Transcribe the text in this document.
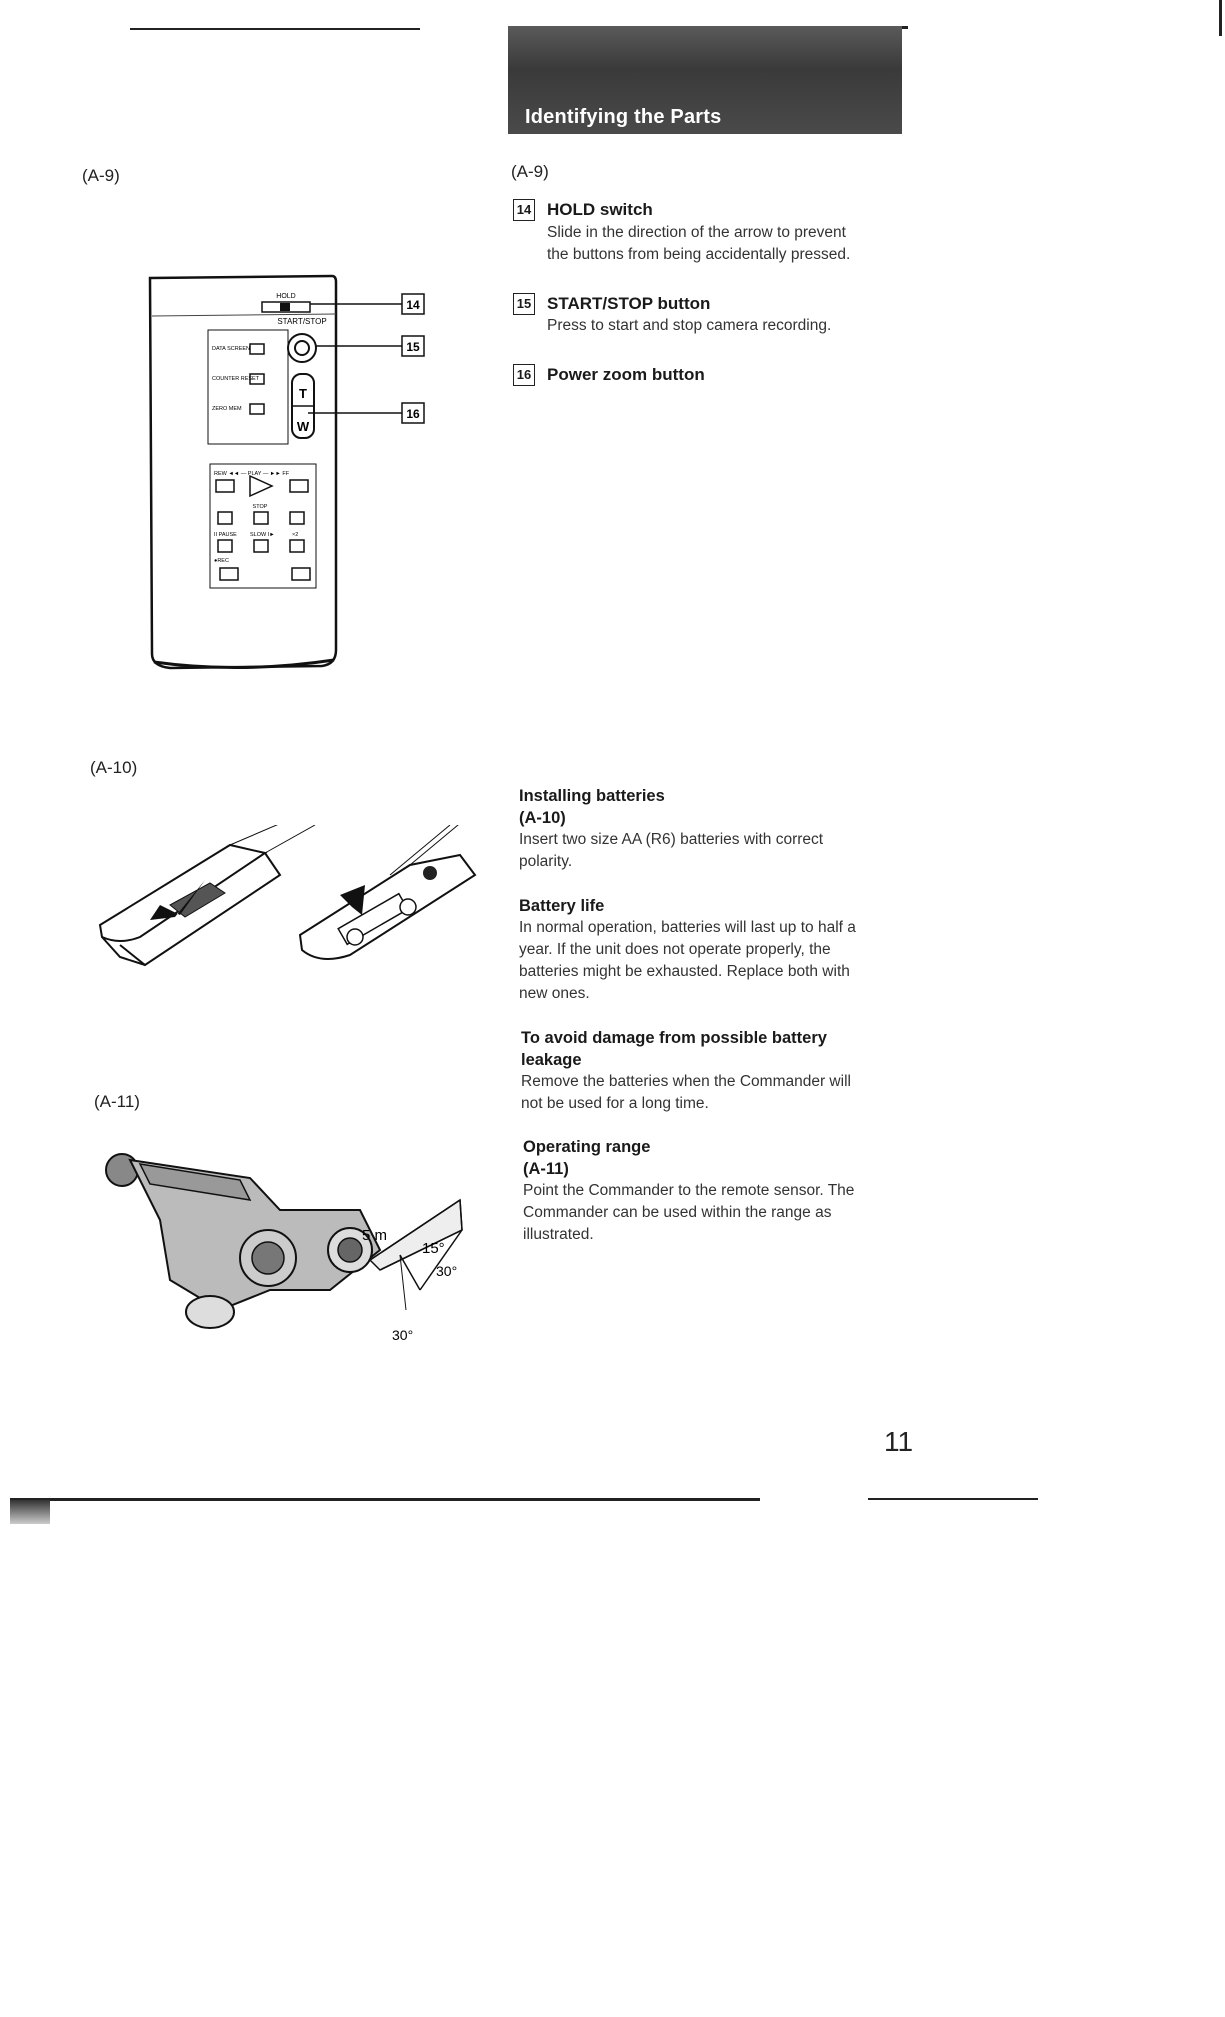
Identifying the Parts
(A-9)
(A-10)
(A-11)
HOLD
START/STOP
DATA SCREEN
COUNTER RESET
ZERO MEM
T
W
REW ◄◄ — PLAY — ►► FF
STOP
II PAUSE SLOW I►	×2
●REC
14
15
16
5 m
15°
30°
30°
(A-9)
14 HOLD switch
Slide in the direction of the arrow to prevent
the buttons from being accidentally pressed.
15 START/STOP button
Press to start and stop camera recording.
16 Power zoom button
Installing batteries
(A-10)
Insert two size AA (R6) batteries with correct
polarity.
Battery life
In normal operation, batteries will last up to half a
year. If the unit does not operate properly, the
batteries might be exhausted. Replace both with
new ones.
To avoid damage from possible battery
leakage
Remove the batteries when the Commander will
not be used for a long time.
Operating range
(A-11)
Point the Commander to the remote sensor. The
Commander can be used within the range as
illustrated.
11
